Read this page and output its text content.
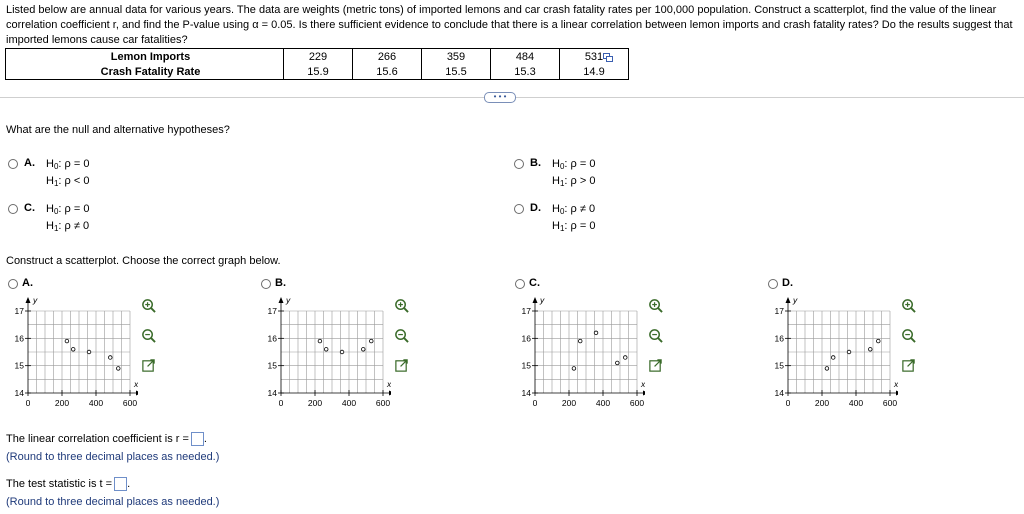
Listed below are annual data for various years. The data are weights (metric tons) of imported lemons and car crash fatality rates per 100,000 population. Construct a scatterplot, find the value of the linear correlation coefficient r, and find the P-value using α = 0.05. Is there sufficient evidence to conclude that there is a linear correlation between lemon imports and crash fatality rates? Do the results suggest that imported lemons cause car fatalities?
Lemon Imports	229	266	359	484	531
Crash Fatality Rate	15.9	15.6	15.5	15.3	14.9
• • •
What are the null and alternative hypotheses?
A. $H_0$: ρ = 0
$H_1$: ρ < 0
B. $H_0$: ρ = 0
$H_1$: ρ > 0
C. $H_0$: ρ = 0
$H_1$: ρ ≠ 0
D. $H_0$: ρ ≠ 0
$H_1$: ρ = 0
Construct a scatterplot. Choose the correct graph below.
A.
0	200 400 600
14
15
16
17
y
x
B.
0	200 400 600
14
15
16
17
y
x
C.
0	200 400 600
14
15
16
17
y
x
D.
0	200 400 600
14
15
16
17
y
x
The linear correlation coefficient is r = .
(Round to three decimal places as needed.)
The test statistic is t = .
(Round to three decimal places as needed.)
